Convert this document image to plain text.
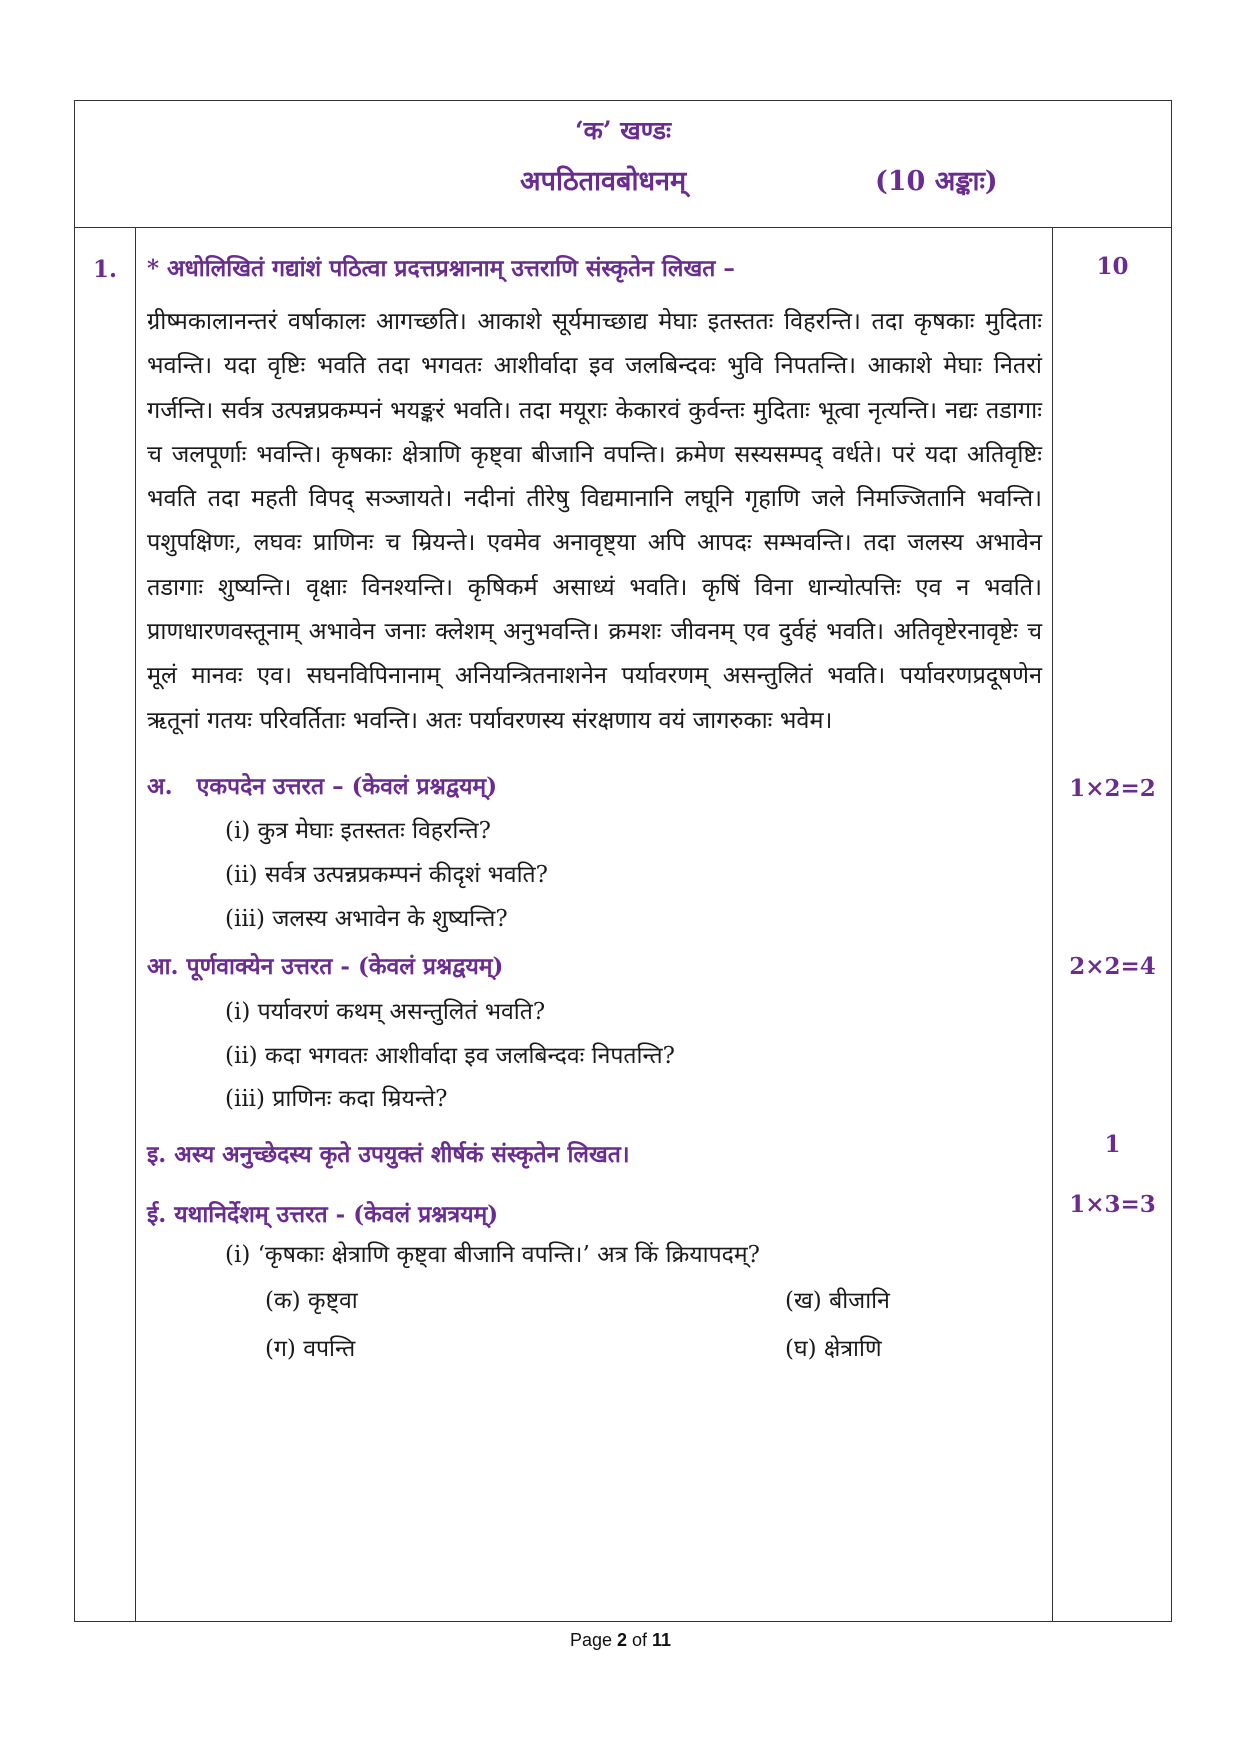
‘क’ खण्डः
अपठितावबोधनम्	(10 अङ्काः)
1. * अधोलिखितं गद्यांशं पठित्वा प्रदत्तप्रश्नानाम् उत्तराणि संस्कृतेन लिखत –	10

ग्रीष्मकालानन्तरं वर्षाकालः आगच्छति। आकाशे सूर्यमाच्छाद्य मेघाः इतस्ततः विहरन्ति। तदा कृषकाः मुदिताः भवन्ति। यदा वृष्टिः भवति तदा भगवतः आशीर्वादा इव जलबिन्दवः भुवि निपतन्ति। आकाशे मेघाः नितरां गर्जन्ति। सर्वत्र उत्पन्नप्रकम्पनं भयङ्करं भवति। तदा मयूराः केकारवं कुर्वन्तः मुदिताः भूत्वा नृत्यन्ति। नद्यः तडागाः च जलपूर्णाः भवन्ति। कृषकाः क्षेत्राणि कृष्ट्वा बीजानि वपन्ति। क्रमेण सस्यसम्पद् वर्धते। परं यदा अतिवृष्टिः भवति तदा महती विपद् सञ्जायते। नदीनां तीरेषु विद्यमानानि लघूनि गृहाणि जले निमज्जितानि भवन्ति। पशुपक्षिणः, लघवः प्राणिनः च म्रियन्ते। एवमेव अनावृष्ट्या अपि आपदः सम्भवन्ति। तदा जलस्य अभावेन तडागाः शुष्यन्ति। वृक्षाः विनश्यन्ति। कृषिकर्म असाध्यं भवति। कृषिं विना धान्योत्पत्तिः एव न भवति। प्राणधारणवस्तूनाम् अभावेन जनाः क्लेशम् अनुभवन्ति। क्रमशः जीवनम् एव दुर्वहं भवति। अतिवृष्टेरनावृष्टेः च मूलं मानवः एव। सघनविपिनानाम् अनियन्त्रितनाशनेन पर्यावरणम् असन्तुलितं भवति। पर्यावरणप्रदूषणेन ऋतूनां गतयः परिवर्तिताः भवन्ति। अतः पर्यावरणस्य संरक्षणाय वयं जागरुकाः भवेम।

अ. एकपदेन उत्तरत – (केवलं प्रश्नद्वयम्)	1×2=2
(i) कुत्र मेघाः इतस्ततः विहरन्ति?
(ii) सर्वत्र उत्पन्नप्रकम्पनं कीदृशं भवति?
(iii) जलस्य अभावेन के शुष्यन्ति?
आ. पूर्णवाक्येन उत्तरत - (केवलं प्रश्नद्वयम्)	2×2=4
(i) पर्यावरणं कथम् असन्तुलितं भवति?
(ii) कदा भगवतः आशीर्वादा इव जलबिन्दवः निपतन्ति?
(iii) प्राणिनः कदा म्रियन्ते?
इ. अस्य अनुच्छेदस्य कृते उपयुक्तं शीर्षकं संस्कृतेन लिखत।	1
ई. यथानिर्देशम् उत्तरत - (केवलं प्रश्नत्रयम्)	1×3=3
(i) ‘कृषकाः क्षेत्राणि कृष्ट्वा बीजानि वपन्ति।’ अत्र किं क्रियापदम्?
(क) कृष्ट्वा	(ख) बीजानि
(ग) वपन्ति	(घ) क्षेत्राणि
Page 2 of 11
